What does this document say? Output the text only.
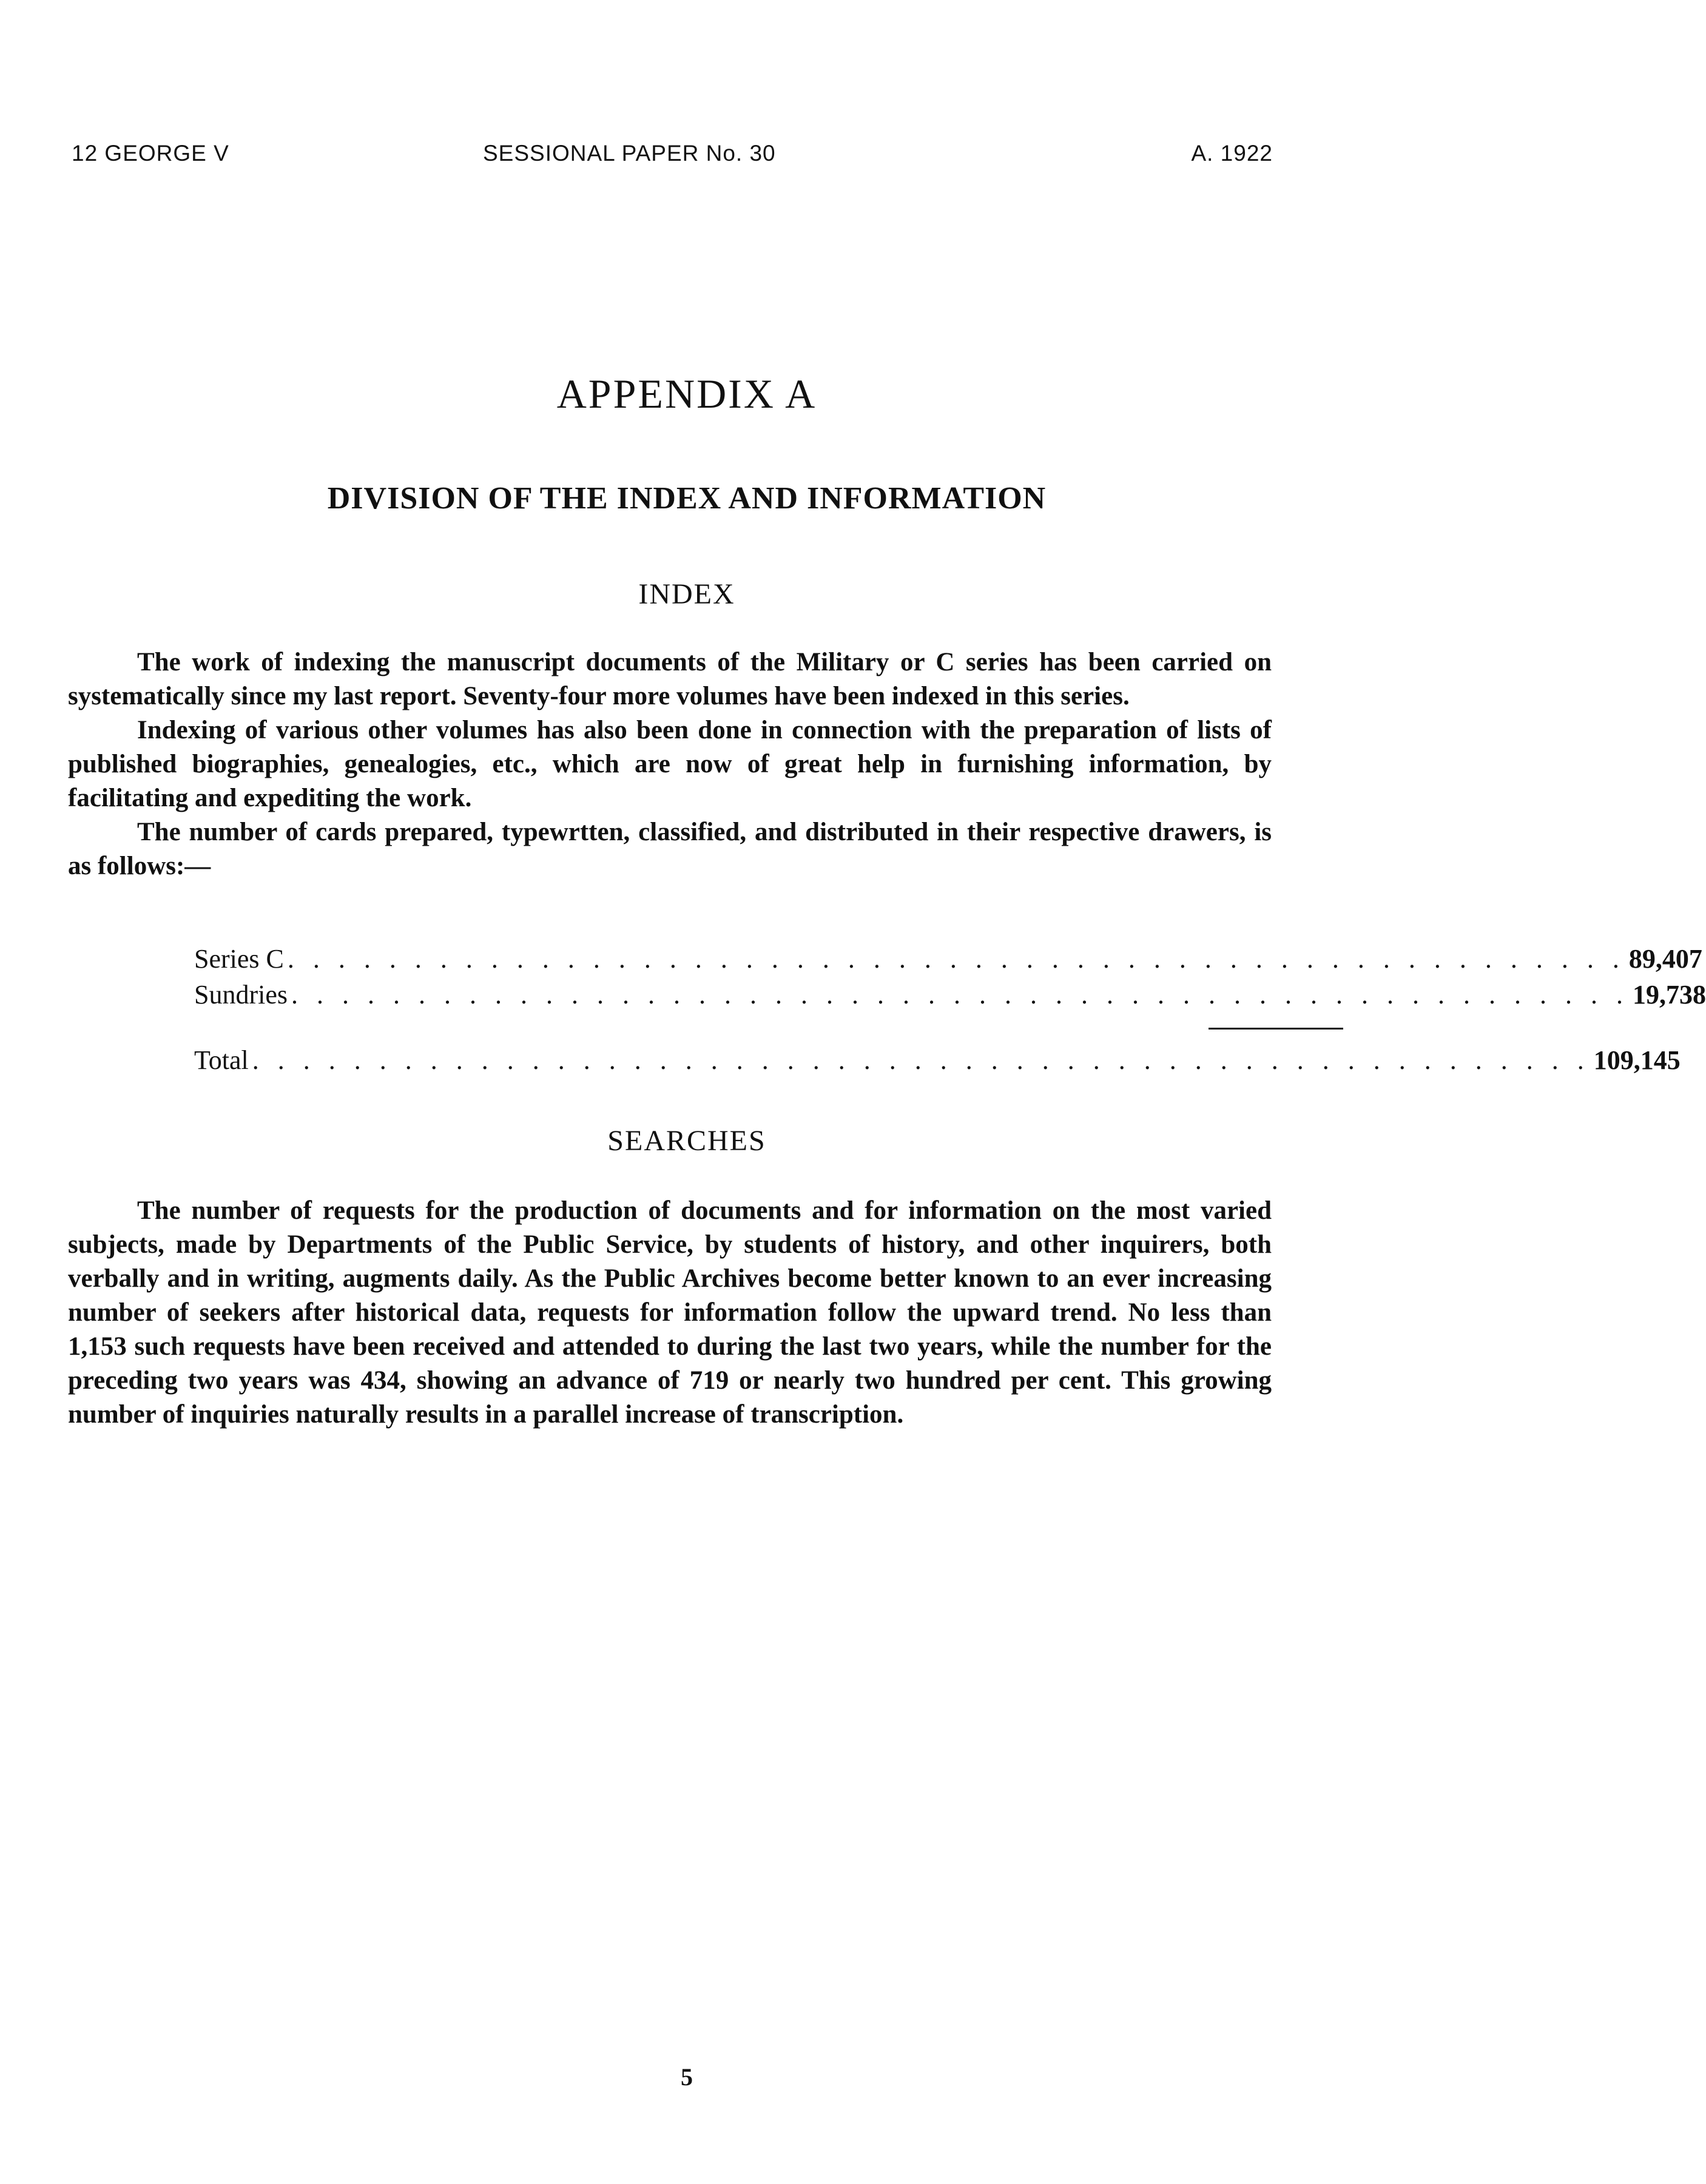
12 GEORGE V	SESSIONAL PAPER No. 30	A. 1922
APPENDIX A
DIVISION OF THE INDEX AND INFORMATION
INDEX

The work of indexing the manuscript documents of the Military or C series has been carried on systematically since my last report. Seventy-four more volumes have been indexed in this series.

Indexing of various other volumes has also been done in connection with the preparation of lists of published biographies, genealogies, etc., which are now of great help in furnishing information, by facilitating and expediting the work.

The number of cards prepared, typewrtten, classified, and distributed in their respective drawers, is as follows:—

Series C . . . . . . . . . . . . . . . . . . . . . . . . . . . . . . . . . . . . . . . . . . . . . . . . . . . . . 89,407
Sundries . . . . . . . . . . . . . . . . . . . . . . . . . . . . . . . . . . . . . . . . . . . . . . . . . . . . . 19,738
Total . . . . . . . . . . . . . . . . . . . . . . . . . . . . . . . . . . . . . . . . . . . . . . . . . . . . . 109,145
SEARCHES

The number of requests for the production of documents and for information on the most varied subjects, made by Departments of the Public Service, by students of history, and other inquirers, both verbally and in writing, augments daily. As the Public Archives become better known to an ever increasing number of seekers after historical data, requests for information follow the upward trend. No less than 1,153 such requests have been received and attended to during the last two years, while the number for the preceding two years was 434, showing an advance of 719 or nearly two hundred per cent. This growing number of inquiries naturally results in a parallel increase of transcription.

5
